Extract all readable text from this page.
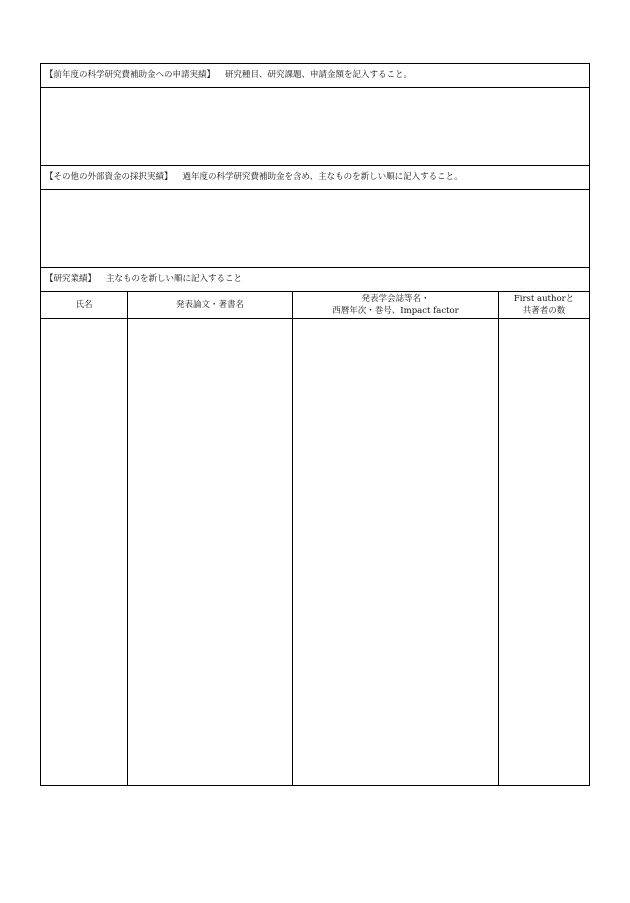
【前年度の科学研究費補助金への申請実績】 研究種目、研究課題、申請金額を記入すること。
【その他の外部資金の採択実績】 過年度の科学研究費補助金を含め、主なものを新しい順に記入すること。
【研究業績】 主なものを新しい順に記入すること
氏名	発表論文・著書名
発表学会誌等名・
西暦年次・巻号、Impact factor
First authorと
共著者の数
